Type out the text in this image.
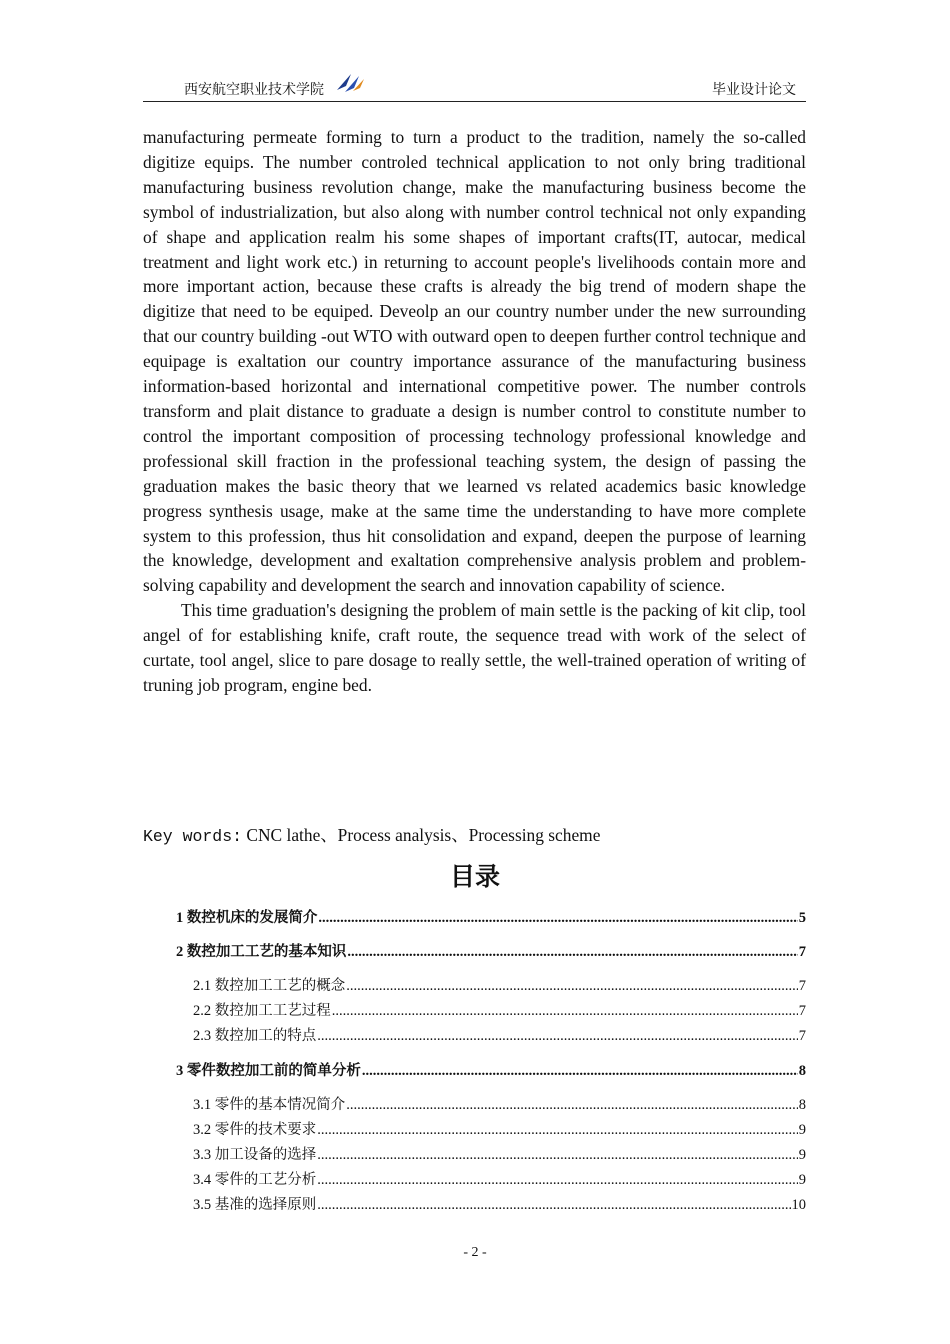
西安航空职业技术学院	毕业设计论文

manufacturing permeate forming to turn a product to the tradition, namely the so-called digitize equips. The number controled technical application to not only bring traditional manufacturing business revolution change, make the manufacturing business become the symbol of industrialization, but also along with number control technical not only expanding of shape and application realm his some shapes of important crafts(IT, autocar, medical treatment and light work etc.) in returning to account people's livelihoods contain more and more important action, because these crafts is already the big trend of modern shape the digitize that need to be equiped. Deveolp an our country number under the new surrounding that our country building -out WTO with outward open to deepen further control technique and equipage is exaltation our country importance assurance of the manufacturing business information-based horizontal and international competitive power. The number controls transform and plait distance to graduate a design is number control to constitute number to control the important composition of processing technology professional knowledge and professional skill fraction in the professional teaching system, the design of passing the graduation makes the basic theory that we learned vs related academics basic knowledge progress synthesis usage, make at the same time the understanding to have more complete system to this profession, thus hit consolidation and expand, deepen the purpose of learning the knowledge, development and exaltation comprehensive analysis problem and problem-solving capability and development the search and innovation capability of science.

This time graduation's designing the problem of main settle is the packing of kit clip, tool angel of for establishing knife, craft route, the sequence tread with work of the select of curtate, tool angel, slice to pare dosage to really settle, the well-trained operation of writing of truning job program, engine bed.

Key words: CNC lathe、Process analysis、Processing scheme
目录
1 数控机床的发展简介 .....	5
2 数控加工工艺的基本知识 .....	7
2.1 数控加工工艺的概念 .....	7
2.2 数控加工工艺过程 .....	7
2.3 数控加工的特点 .....	7
3 零件数控加工前的简单分析 .....	8
3.1 零件的基本情况简介 .....	8
3.2 零件的技术要求 .....	9
3.3 加工设备的选择 .....	9
3.4 零件的工艺分析 .....	9
3.5 基准的选择原则 .....	10
- 2 -
